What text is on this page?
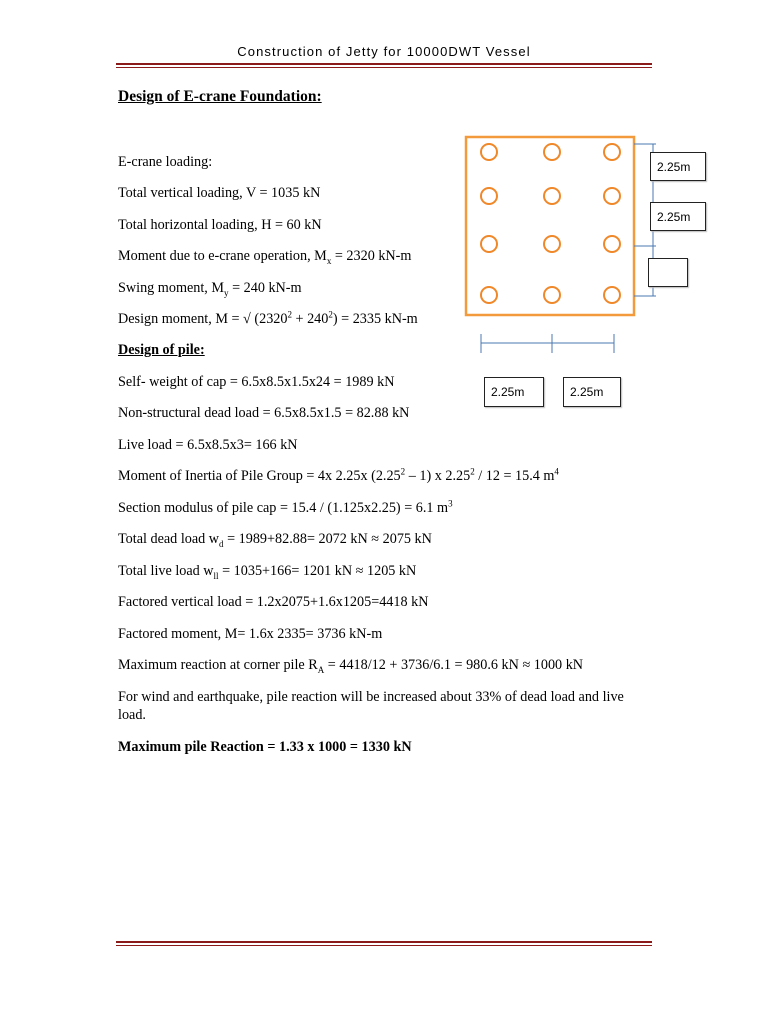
Construction of Jetty for 10000DWT Vessel
Design of E-crane Foundation:
E-crane loading:
Total vertical loading, V = 1035 kN
Total horizontal loading, H = 60 kN
Moment due to e-crane operation, $M_x = 2320$ kN-m
Swing moment, $M_y = 240$ kN-m
Design moment, M = √ $(2320^2 + 240^2) = 2335$ kN-m
Design of pile:
Self- weight of cap = 6.5x8.5x1.5x24 = 1989 kN
Non-structural dead load = 6.5x8.5x1.5 = 82.88 kN
Live load = 6.5x8.5x3= 166 kN
Moment of Inertia of Pile Group = 4x 2.25x (2.25$^2$ – 1) x 2.25$^2$ / 12 = 15.4 $m^4$
Section modulus of pile cap = 15.4 / (1.125x2.25) = 6.1 $m^3$
Total dead load $w_d = 1989+82.88= 2072$ kN ≈ 2075 kN
Total live load $w_{ll} = 1035+166= 1201$ kN ≈ 1205 kN
Factored vertical load = 1.2x2075+1.6x1205=4418 kN
Factored moment, M= 1.6x 2335= 3736 kN-m
Maximum reaction at corner pile $R_A = 4418/12 + 3736/6.1 = 980.6$ kN ≈ 1000 kN
For wind and earthquake, pile reaction will be increased about 33% of dead load and live load.
Maximum pile Reaction = 1.33 x 1000 = 1330 kN
2.25m
2.25m
2.25m	2.25m
